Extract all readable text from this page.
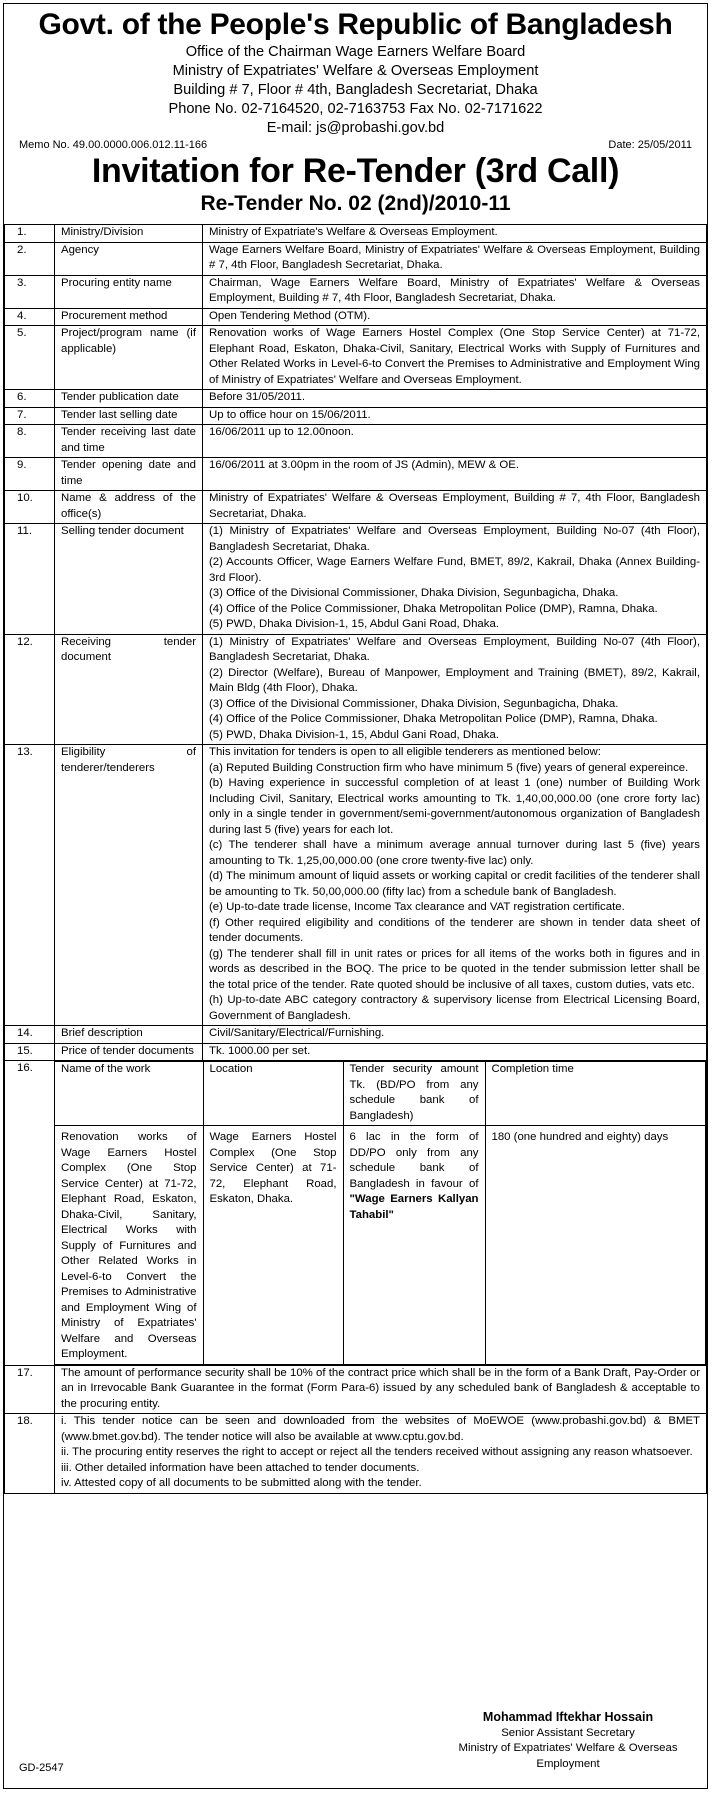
Govt. of the People's Republic of Bangladesh
Office of the Chairman Wage Earners Welfare Board
Ministry of Expatriates' Welfare & Overseas Employment
Building # 7, Floor # 4th, Bangladesh Secretariat, Dhaka
Phone No. 02-7164520, 02-7163753 Fax No. 02-7171622
E-mail: js@probashi.gov.bd
Memo No. 49.00.0000.006.012.11-166	Date: 25/05/2011
Invitation for Re-Tender (3rd Call)
Re-Tender No. 02 (2nd)/2010-11
1.	Ministry/Division	Ministry of Expatriate's Welfare & Overseas Employment.

2.	Agency	Wage Earners Welfare Board, Ministry of Expatriates' Welfare & Overseas Employment, Building # 7, 4th Floor, Bangladesh Secretariat, Dhaka.

3.	Procuring entity name	Chairman, Wage Earners Welfare Board, Ministry of Expatriates' Welfare & Overseas Employment, Building # 7, 4th Floor, Bangladesh Secretariat, Dhaka.

4.	Procurement method	Open Tendering Method (OTM).

5.	Project/program name (if applicable)	
Renovation works of Wage Earners Hostel Complex (One Stop Service Center) at 71-72, Elephant Road, Eskaton, Dhaka-Civil, Sanitary, Electrical Works with Supply of Furnitures and Other Related Works in Level-6-to Convert the Premises to Administrative and Employment Wing of Ministry of Expatriates' Welfare and Overseas Employment.

6.	Tender publication date	Before 31/05/2011.

7.	Tender last selling date	Up to office hour on 15/06/2011.

8.	Tender receiving last date and time	
16/06/2011 up to 12.00noon.

9.	Tender opening date and time	
16/06/2011 at 3.00pm in the room of JS (Admin), MEW & OE.

10.	Name & address of the office(s)	
Ministry of Expatriates' Welfare & Overseas Employment, Building # 7, 4th Floor, Bangladesh Secretariat, Dhaka.

11.	Selling tender document	(1) Ministry of Expatriates' Welfare and Overseas Employment, Building No-07 (4th Floor), Bangladesh Secretariat, Dhaka.
(2) Accounts Officer, Wage Earners Welfare Fund, BMET, 89/2, Kakrail, Dhaka (Annex Building-3rd Floor).
(3) Office of the Divisional Commissioner, Dhaka Division, Segunbagicha, Dhaka.
(4) Office of the Police Commissioner, Dhaka Metropolitan Police (DMP), Ramna, Dhaka.
(5) PWD, Dhaka Division-1, 15, Abdul Gani Road, Dhaka.

12.	Receiving tender document	
(1) Ministry of Expatriates' Welfare and Overseas Employment, Building No-07 (4th Floor), Bangladesh Secretariat, Dhaka.
(2) Director (Welfare), Bureau of Manpower, Employment and Training (BMET), 89/2, Kakrail, Main Bldg (4th Floor), Dhaka.
(3) Office of the Divisional Commissioner, Dhaka Division, Segunbagicha, Dhaka.
(4) Office of the Police Commissioner, Dhaka Metropolitan Police (DMP), Ramna, Dhaka.
(5) PWD, Dhaka Division-1, 15, Abdul Gani Road, Dhaka.

13.	Eligibility of tenderer/tenderers	
This invitation for tenders is open to all eligible tenderers as mentioned below:
(a) Reputed Building Construction firm who have minimum 5 (five) years of general expereince.
(b) Having experience in successful completion of at least 1 (one) number of Building Work Including Civil, Sanitary, Electrical works amounting to Tk. 1,40,00,000.00 (one crore forty lac) only in a single tender in government/semi-government/autonomous organization of Bangladesh during last 5 (five) years for each lot.
(c) The tenderer shall have a minimum average annual turnover during last 5 (five) years amounting to Tk. 1,25,00,000.00 (one crore twenty-five lac) only.
(d) The minimum amount of liquid assets or working capital or credit facilities of the tenderer shall be amounting to Tk. 50,00,000.00 (fifty lac) from a schedule bank of Bangladesh.
(e) Up-to-date trade license, Income Tax clearance and VAT registration certificate.
(f) Other required eligibility and conditions of the tenderer are shown in tender data sheet of tender documents.
(g) The tenderer shall fill in unit rates or prices for all items of the works both in figures and in words as described in the BOQ. The price to be quoted in the tender submission letter shall be the total price of the tender. Rate quoted should be inclusive of all taxes, custom duties, vats etc.
(h) Up-to-date ABC category contractory & supervisory license from Electrical Licensing Board, Government of Bangladesh.

14.	Brief description	Civil/Sanitary/Electrical/Furnishing.

15.	Price of tender documents	Tk. 1000.00 per set.

16.	Name of the work	Location	Tender security amount Tk. (BD/PO from any schedule bank of Bangladesh)	Completion time
Renovation works of Wage Earners Hostel Complex (One Stop Service Center) at 71-72, Elephant Road, Eskaton, Dhaka-Civil, Sanitary, Electrical Works with Supply of Furnitures and Other Related Works in Level-6-to Convert the Premises to Administrative and Employment Wing of Ministry of Expatriates' Welfare and Overseas Employment.	Wage Earners Hostel Complex (One Stop Service Center) at 71-72, Elephant Road, Eskaton, Dhaka.	6 lac in the form of DD/PO only from any schedule bank of Bangladesh in favour of "Wage Earners Kallyan Tahabil"	180 (one hundred and eighty) days

17.	The amount of performance security shall be 10% of the contract price which shall be in the form of a Bank Draft, Pay-Order or an in Irrevocable Bank Guarantee in the format (Form Para-6) issued by any scheduled bank of Bangladesh & acceptable to the procuring entity.
18.	i. This tender notice can be seen and downloaded from the websites of MoEWOE (www.probashi.gov.bd) & BMET (www.bmet.gov.bd). The tender notice will also be available at www.cptu.gov.bd.
ii. The procuring entity reserves the right to accept or reject all the tenders received without assigning any reason whatsoever.
iii. Other detailed information have been attached to tender documents.
iv. Attested copy of all documents to be submitted along with the tender.
GD-2547
Mohammad Iftekhar Hossain
Senior Assistant Secretary
Ministry of Expatriates' Welfare & Overseas Employment
